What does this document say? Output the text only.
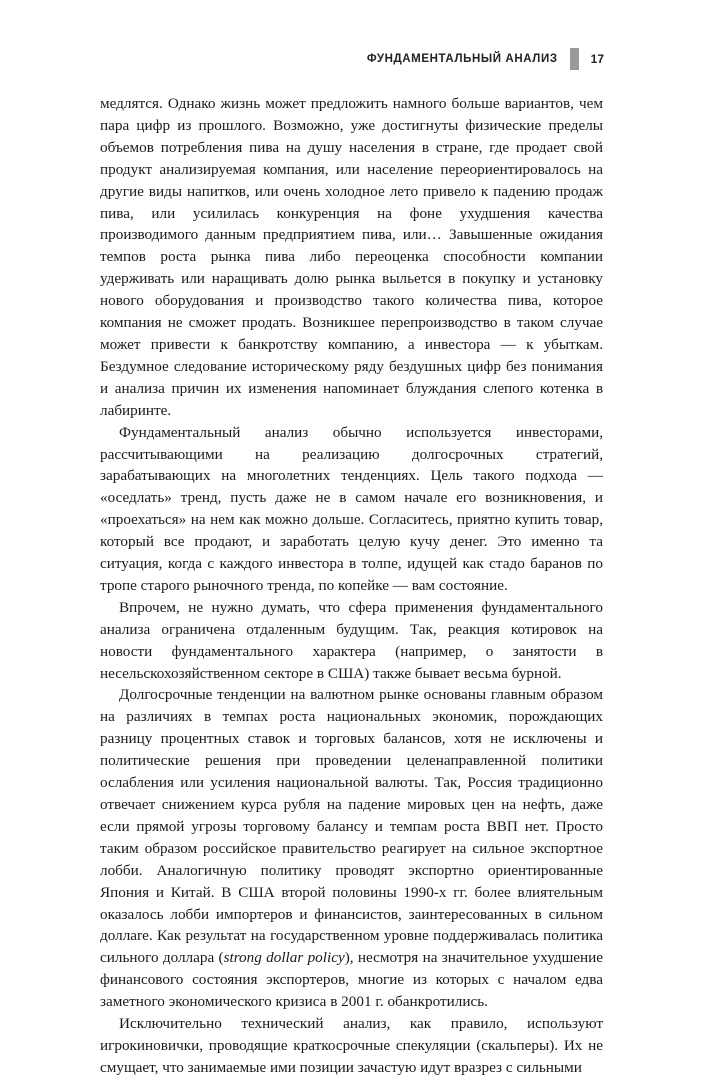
ФУНДАМЕНТАЛЬНЫЙ АНАЛИЗ	17

медлятся. Однако жизнь может предложить намного больше вариантов, чем пара цифр из прошлого. Возможно, уже достигнуты физические пределы объемов потребления пива на душу населения в стране, где продает свой продукт анализируемая компания, или население переориентировалось на другие виды напитков, или очень холодное лето привело к падению продаж пива, или усилилась конкуренция на фоне ухудшения качества производимого данным предприятием пива, или… Завышенные ожидания темпов роста рынка пива либо переоценка способности компании удерживать или наращивать долю рынка выльется в покупку и установку нового оборудования и производство такого количества пива, которое компания не сможет продать. Возникшее перепроизводство в таком случае может привести к банкротству компанию, а инвестора — к убыткам. Бездумное следование историческому ряду бездушных цифр без понимания и анализа причин их изменения напоминает блуждания слепого котенка в лабиринте.

Фундаментальный анализ обычно используется инвесторами, рассчитывающими на реализацию долгосрочных стратегий, зарабатывающих на многолетних тенденциях. Цель такого подхода — «оседлать» тренд, пусть даже не в самом начале его возникновения, и «проехаться» на нем как можно дольше. Согласитесь, приятно купить товар, который все продают, и заработать целую кучу денег. Это именно та ситуация, когда с каждого инвестора в толпе, идущей как стадо баранов по тропе старого рыночного тренда, по копейке — вам состояние.

Впрочем, не нужно думать, что сфера применения фундаментального анализа ограничена отдаленным будущим. Так, реакция котировок на новости фундаментального характера (например, о занятости в несельскохозяйственном секторе в США) также бывает весьма бурной.

Долгосрочные тенденции на валютном рынке основаны главным образом на различиях в темпах роста национальных экономик, порождающих разницу процентных ставок и торговых балансов, хотя не исключены и политические решения при проведении целенаправленной политики ослабления или усиления национальной валюты. Так, Россия традиционно отвечает снижением курса рубля на падение мировых цен на нефть, даже если прямой угрозы торговому балансу и темпам роста ВВП нет. Просто таким образом российское правительство реагирует на сильное экспортное лобби. Аналогичную политику проводят экспортно ориентированные Япония и Китай. В США второй половины 1990-х гг. более влиятельным оказалось лобби импортеров и финансистов, заинтересованных в сильном доллare. Как результат на государственном уровне поддерживалась политика сильного доллара (strong dollar policy), несмотря на значительное ухудшение финансового состояния экспортеров, многие из которых с началом едва заметного экономического кризиса в 2001 г. обанкротились.

Исключительно технический анализ, как правило, используют игрокиновички, проводящие краткосрочные спекуляции (скальперы). Их не смущает, что занимаемые ими позиции зачастую идут вразрез с сильными
